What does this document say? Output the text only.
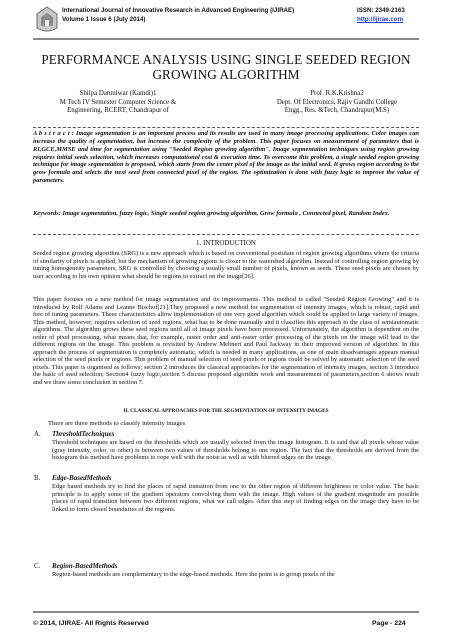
International Journal of Innovative Research in Advanced Engineering (IJIRAE)
Volume 1 Issue 6 (July 2014)
ISSN: 2349-2163
http://ijirae.com
PERFORMANCE ANALYSIS USING SINGLE SEEDED REGION GROWING ALGORITHM
Shilpa Dantulwar (Kamdi)1
M Tech IV Semester Computer Science &
Engineering, RCERT, Chandrapur of
Prof. R.K.Krishna2
Dept. Of Electronics, Rajiv Gandhi College
Engg., Res. &Tech, Chandrapur(M.S)
A b s t r a c t : Image segmentation is an important process and its results are used in many image processing applications. Color images can increase the quality of segmentation, but increase the complexity of the problem. This paper focuses on measurement of parameters that is RI,GCE,MMSE and time for segmentation using "Seeded Region growing algorithm". Image segmentation techniques using region growing requires initial seeds selection, which increases computational cost & execution time. To overcome this problem, a single seeded region growing technique for image segmentation is proposed, which starts from the center pixel of the image as the initial seed. It grows region according to the grow formula and selects the next seed from connected pixel of the region. The optimization is done with fuzzy logic to improve the value of parameters.
Keywords: Image segmentation, fuzzy logic, Single seeded region growing algorithm, Grow formula , Connected pixel, Random Index.
1. INTRODUCTION
Seeded region growing algorithm (SRG) is a new approach which is based on conventional postulate of region growing algorithms where the criteria of similarity of pixels is applied, but the mechanism of growing regions is closer to the watershed algorithm. Instead of controlling region growing by tuning homogeneity parameters, SRG is controlled by choosing a usually small number of pixels, known as seeds. These seed pixels are chosen by user according to his own opinion what should be regions to extract on the image[26].
This paper focuses on a new method for image segmentation and its improvements. This method is called "Seeded Region Growing" and it is introduced by Rolf Adams and Leanne Bischof[21].They proposed a new method for segmentation of intensity images, which is robust, rapid and free of tuning parameters. These characteristics allow implementation of one very good algorithm which could be applied to large variety of images. This method, however, requires selection of seed regions, what has to be done manually and it classifies this approach to the class of semiautomatic algorithms. The algorithm grows these seed regions until all of image pixels have been processed. Unfortunately, the algorithm is dependent on the order of pixel processing, what means that, for example, raster order and anti-raster order processing of the pixels on the image will lead to the different regions on the image. This problem is revisited by Andrew Mehnert and Paul Jackway in their improved version of algorithm. In this approach the process of segmentation is completely automatic, which is needed in many applications, as one of main disadvantages appears manual selection of the seed pixels or regions. This problem of manual selection of seed pixels or regions could be solved by automatic selection of the seed pixels. This paper is organised as follows; section 2 introduces the classical approaches for the segmentation of intensity images, section 3 introduce the basic of seed selection; Section4 fuzzy logic,section 5 discuss proposed algorithm work and measurement of parameters,section 6 shows result and we draw some conclusion in section 7.
II. CLASSICAL APPROACHES FOR THE SEGMENTATION OF INTENSITY IMAGES
There are three methods to classify intensity images
A. ThresholdTechniques
Threshold techniques are based on the thresholds which are usually selected from the image histogram. It is said that all pixels whose value (gray intensity, color, or other) is between two values of thresholds belong to one region. The fact that the thresholds are derived from the histogram this method have problems to cope well with the noise as well as with blurred edges on the image.
B. Edge-BasedMethods
Edge based methods try to find the places of rapid transition from one to the other region of different brightness or color value. The basic principle is to apply some of the gradient operators convolving them with the image. High values of the gradient magnitude are possible places of rapid transition between two different regions, what we call edges. After this step of finding edges on the image they have to be linked to form closed boundaries of the regions.
C. Region-BasedMethods
Region-based methods are complementary to the edge-based methods. Here the point is to group pixels of the
© 2014, IJIRAE- All Rights Reserved	Page - 224
